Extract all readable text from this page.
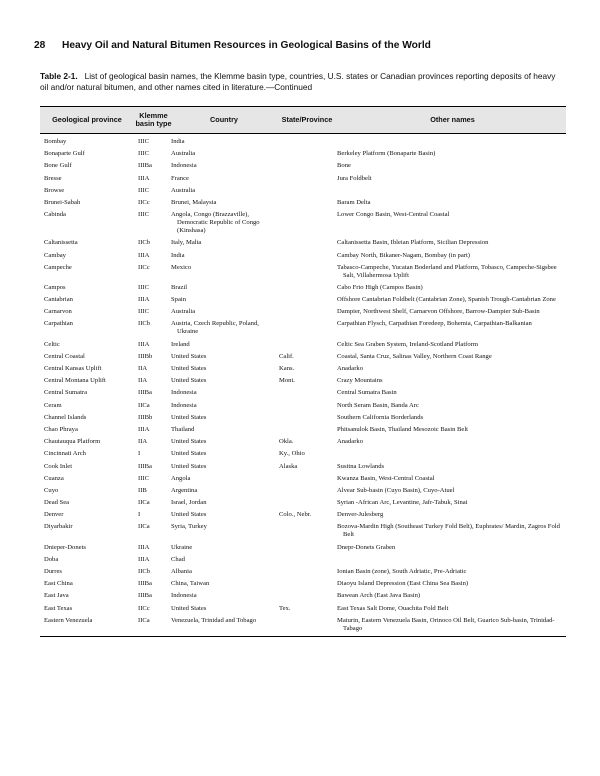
28 Heavy Oil and Natural Bitumen Resources in Geological Basins of the World
Table 2-1. List of geological basin names, the Klemme basin type, countries, U.S. states or Canadian provinces reporting deposits of heavy oil and/or natural bitumen, and other names cited in literature.—Continued
Geological province	Klemme basin type	Country	State/Province	Other names
Bombay	IIIC	India		
Bonaparte Gulf	IIIC	Australia		Berkeley Platform (Bonaparte Basin)
Bone Gulf	IIIBa	Indonesia		Bone
Bresse	IIIA	France		Jura Foldbelt
Browse	IIIC	Australia		
Brunei-Sabah	IICc	Brunei, Malaysia		Baram Delta
Cabinda	IIIC	Angola, Congo (Brazzaville), Democratic Republic of Congo (Kinshasa)		Lower Congo Basin, West-Central Coastal
Caltanissetta	IICb	Italy, Malta		Caltanissetta Basin, Ibleian Platform, Sicilian Depression
Cambay	IIIA	India		Cambay North, Bikaner-Nagam, Bombay (in part)
Campeche	IICc	Mexico		Tabasco-Campeche, Yucatan Boderland and Platform, Tobasco, Campeche-Sigsbee Salt, Villahermosa Uplift
Campos	IIIC	Brazil		Cabo Frio High (Campos Basin)
Cantabrian	IIIA	Spain		Offshore Cantabrian Foldbelt (Cantabrian Zone), Spanish Trough-Cantabrian Zone
Carnarvon	IIIC	Australia		Dampier, Northwest Shelf, Carnarvon Offshore, Barrow-Dampier Sub-Basin
Carpathian	IICb	Austria, Czech Republic, Poland, Ukraine		Carpathian Flysch, Carpathian Foredeep, Bohemia, Carpathian-Balkanian
Celtic	IIIA	Ireland		Celtic Sea Graben System, Ireland-Scotland Platform
Central Coastal	IIIBb	United States	Calif.	Coastal, Santa Cruz, Salinas Valley, Northern Coast Range
Central Kansas Uplift	IIA	United States	Kans.	Anadarko
Central Montana Uplift	IIA	United States	Mont.	Crazy Mountains
Central Sumatra	IIIBa	Indonesia		Central Sumatra Basin
Ceram	IICa	Indonesia		North Seram Basin, Banda Arc
Channel Islands	IIIBb	United States		Southern California Borderlands
Chao Phraya	IIIA	Thailand		Phitsanulok Basin, Thailand Mesozoic Basin Belt
Chautauqua Platform	IIA	United States	Okla.	Anadarko
Cincinnati Arch	I	United States	Ky., Ohio	
Cook Inlet	IIIBa	United States	Alaska	Susitna Lowlands
Cuanza	IIIC	Angola		Kwanza Basin, West-Central Coastal
Cuyo	IIB	Argentina		Alvear Sub-basin (Cuyo Basin), Cuyo-Atuel
Dead Sea	IICa	Israel, Jordan		Syrian -African Arc, Levantine, Jafr-Tabuk, Sinai
Denver	I	United States	Colo., Nebr.	Denver-Julesberg
Diyarbakir	IICa	Syria, Turkey		Bozova-Mardin High (Southeast Turkey Fold Belt), Euphrates/ Mardin, Zagros Fold Belt
Dnieper-Donets	IIIA	Ukraine		Dnepr-Donets Graben
Doba	IIIA	Chad		
Durres	IICb	Albania		Ionian Basin (zone), South Adriatic, Pre-Adriatic
East China	IIIBa	China, Taiwan		Diaoyu Island Depression (East China Sea Basin)
East Java	IIIBa	Indonesia		Bawean Arch (East Java Basin)
East Texas	IICc	United States	Tex.	East Texas Salt Dome, Ouachita Fold Belt
Eastern Venezuela	IICa	Venezuela, Trinidad and Tobago		Maturin, Eastern Venezuela Basin, Orinoco Oil Belt, Guarico Sub-basin, Trinidad-Tabago
